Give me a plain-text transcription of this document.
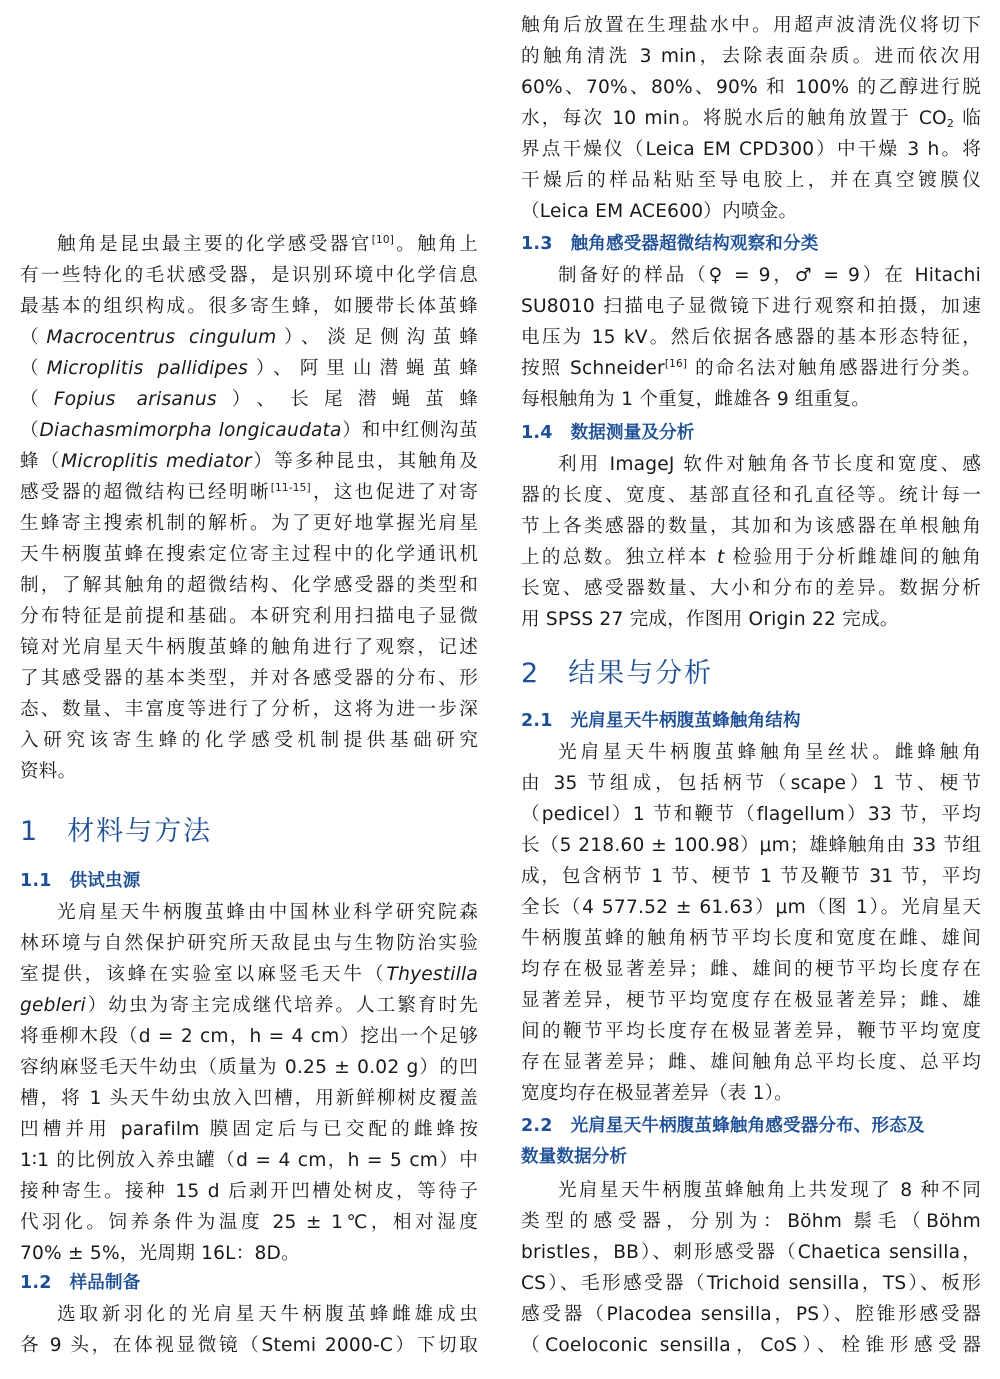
触角是昆虫最主要的化学感受器官[10]。触角上
有一些特化的毛状感受器，是识别环境中化学信息
最基本的组织构成。很多寄生蜂，如腰带长体茧蜂
（Macrocentrus cingulum）、淡足侧沟茧蜂
（Microplitis pallidipes）、阿里山潜蝇茧蜂
（Fopius arisanus）、长尾潜蝇茧蜂
（Diachasmimorpha longicaudata）和中红侧沟茧
蜂（Microplitis mediator）等多种昆虫，其触角及
感受器的超微结构已经明晰[11-15]，这也促进了对寄
生蜂寄主搜索机制的解析。为了更好地掌握光肩星
天牛柄腹茧蜂在搜索定位寄主过程中的化学通讯机
制，了解其触角的超微结构、化学感受器的类型和
分布特征是前提和基础。本研究利用扫描电子显微
镜对光肩星天牛柄腹茧蜂的触角进行了观察，记述
了其感受器的基本类型，并对各感受器的分布、形
态、数量、丰富度等进行了分析，这将为进一步深
入研究该寄生蜂的化学感受机制提供基础研究
资料。
1 材料与方法
1.1 供试虫源
光肩星天牛柄腹茧蜂由中国林业科学研究院森
林环境与自然保护研究所天敌昆虫与生物防治实验
室提供，该蜂在实验室以麻竖毛天牛（Thyestilla
gebleri）幼虫为寄主完成继代培养。人工繁育时先
将垂柳木段（d = 2 cm，h = 4 cm）挖出一个足够
容纳麻竖毛天牛幼虫（质量为 0.25 ± 0.02 g）的凹
槽，将 1 头天牛幼虫放入凹槽，用新鲜柳树皮覆盖
凹槽并用 parafilm 膜固定后与已交配的雌蜂按
1∶1 的比例放入养虫罐（d = 4 cm，h = 5 cm）中
接种寄生。接种 15 d 后剥开凹槽处树皮，等待子
代羽化。饲养条件为温度 25 ± 1℃，相对湿度
70% ± 5%，光周期 16L：8D。
1.2 样品制备
选取新羽化的光肩星天牛柄腹茧蜂雌雄成虫
各 9 头，在体视显微镜（Stemi 2000-C）下切取
触角后放置在生理盐水中。用超声波清洗仪将切下
的触角清洗 3 min，去除表面杂质。进而依次用
60%、70%、80%、90% 和 100% 的乙醇进行脱
水，每次 10 min。将脱水后的触角放置于 $CO_2$ 临
界点干燥仪（Leica EM CPD300）中干燥 3 h。将
干燥后的样品粘贴至导电胶上，并在真空镀膜仪
（Leica EM ACE600）内喷金。
1.3 触角感受器超微结构观察和分类
制备好的样品（♀ = 9，♂ = 9）在 Hitachi
SU8010 扫描电子显微镜下进行观察和拍摄，加速
电压为 15 kV。然后依据各感器的基本形态特征，
按照 Schneider[16] 的命名法对触角感器进行分类。
每根触角为 1 个重复，雌雄各 9 组重复。
1.4 数据测量及分析
利用 ImageJ 软件对触角各节长度和宽度、感
器的长度、宽度、基部直径和孔直径等。统计每一
节上各类感器的数量，其加和为该感器在单根触角
上的总数。独立样本 t 检验用于分析雌雄间的触角
长宽、感受器数量、大小和分布的差异。数据分析
用 SPSS 27 完成，作图用 Origin 22 完成。
2 结果与分析
2.1 光肩星天牛柄腹茧蜂触角结构
光肩星天牛柄腹茧蜂触角呈丝状。雌蜂触角
由 35 节组成，包括柄节（scape）1 节、梗节
（pedicel）1 节和鞭节（flagellum）33 节，平均
长（5 218.60 ± 100.98）μm；雄蜂触角由 33 节组
成，包含柄节 1 节、梗节 1 节及鞭节 31 节，平均
全长（4 577.52 ± 61.63）μm（图 1）。光肩星天
牛柄腹茧蜂的触角柄节平均长度和宽度在雌、雄间
均存在极显著差异；雌、雄间的梗节平均长度存在
显著差异，梗节平均宽度存在极显著差异；雌、雄
间的鞭节平均长度存在极显著差异，鞭节平均宽度
存在显著差异；雌、雄间触角总平均长度、总平均
宽度均存在极显著差异（表 1）。
2.2 光肩星天牛柄腹茧蜂触角感受器分布、形态及
数量数据分析
光肩星天牛柄腹茧蜂触角上共发现了 8 种不同
类型的感受器，分别为：Böhm 鬃毛（Böhm
bristles，BB）、刺形感受器（Chaetica sensilla，
CS）、毛形感受器（Trichoid sensilla，TS）、板形
感受器（Placodea sensilla，PS）、腔锥形感受器
（Coeloconic sensilla，CoS）、栓锥形感受器
